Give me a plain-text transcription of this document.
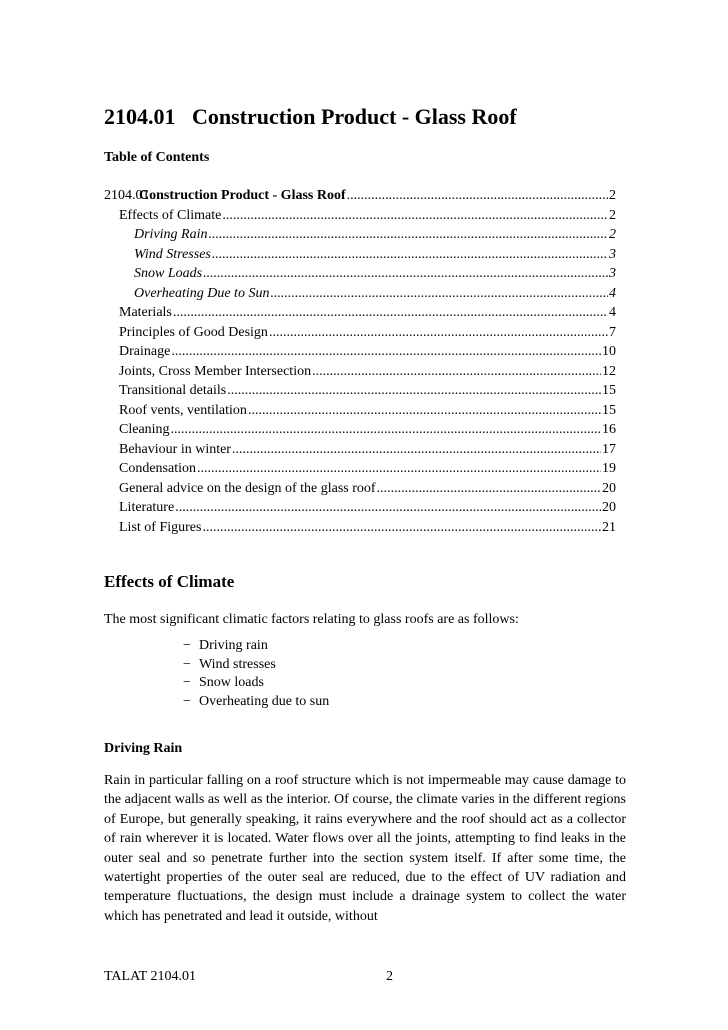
2104.01 Construction Product - Glass Roof
Table of Contents
2104.01
Construction Product - Glass Roof .....	2
Effects of Climate .....	2
Driving Rain .....	2
Wind Stresses .....	3
Snow Loads .....	3
Overheating Due to Sun .....	4
Materials .....	4
Principles of Good Design .....	7
Drainage .....	10
Joints, Cross Member Intersection .....	12
Transitional details .....	15
Roof vents, ventilation .....	15
Cleaning .....	16
Behaviour in winter .....	17
Condensation .....	19
General advice on the design of the glass roof .....	20
Literature .....	20
List of Figures .....	21
Effects of Climate
The most significant climatic factors relating to glass roofs are as follows:
− Driving rain
− Wind stresses
− Snow loads
− Overheating due to sun
Driving Rain

Rain in particular falling on a roof structure which is not impermeable may cause damage to the adjacent walls as well as the interior. Of course, the climate varies in the different regions of Europe, but generally speaking, it rains everywhere and the roof should act as a collector of rain wherever it is located. Water flows over all the joints, attempting to find leaks in the outer seal and so penetrate further into the section system itself. If after some time, the watertight properties of the outer seal are reduced, due to the effect of UV radiation and temperature fluctuations, the design must include a drainage system to collect the water which has penetrated and lead it outside, without

TALAT 2104.01	2
